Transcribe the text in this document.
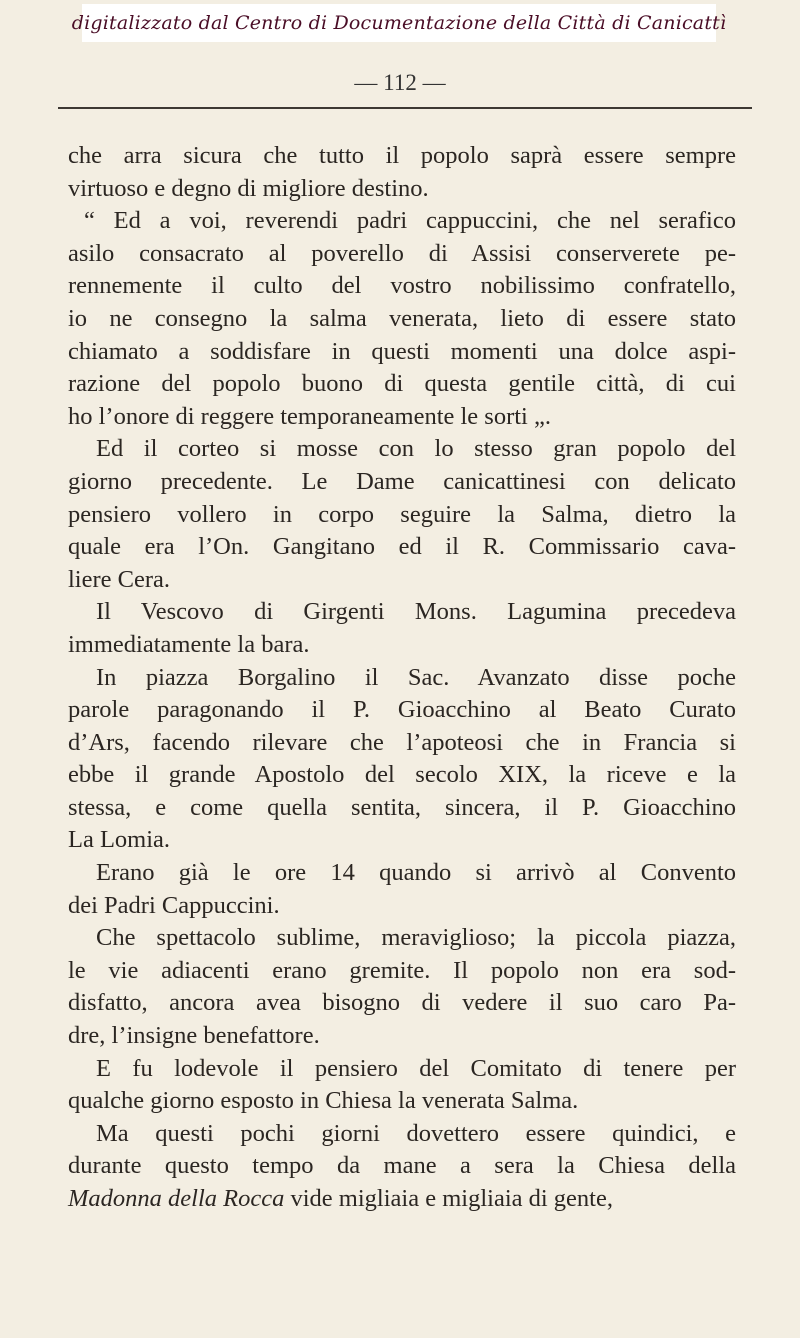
digitalizzato dal Centro di Documentazione della Città di Canicattì
— 112 —
che arra sicura che tutto il popolo saprà essere sempre
virtuoso e degno di migliore destino.
“ Ed a voi, reverendi padri cappuccini, che nel serafico
asilo consacrato al poverello di Assisi conserverete pe-
rennemente il culto del vostro nobilissimo confratello,
io ne consegno la salma venerata, lieto di essere stato
chiamato a soddisfare in questi momenti una dolce aspi-
razione del popolo buono di questa gentile città, di cui
ho l’onore di reggere temporaneamente le sorti „.
Ed il corteo si mosse con lo stesso gran popolo del
giorno precedente. Le Dame canicattinesi con delicato
pensiero vollero in corpo seguire la Salma, dietro la
quale era l’On. Gangitano ed il R. Commissario cava-
liere Cera.
Il Vescovo di Girgenti Mons. Lagumina precedeva
immediatamente la bara.
In piazza Borgalino il Sac. Avanzato disse poche
parole paragonando il P. Gioacchino al Beato Curato
d’Ars, facendo rilevare che l’apoteosi che in Francia si
ebbe il grande Apostolo del secolo XIX, la riceve e la
stessa, e come quella sentita, sincera, il P. Gioacchino
La Lomia.
Erano già le ore 14 quando si arrivò al Convento
dei Padri Cappuccini.
Che spettacolo sublime, meraviglioso; la piccola piazza,
le vie adiacenti erano gremite. Il popolo non era sod-
disfatto, ancora avea bisogno di vedere il suo caro Pa-
dre, l’insigne benefattore.
E fu lodevole il pensiero del Comitato di tenere per
qualche giorno esposto in Chiesa la venerata Salma.
Ma questi pochi giorni dovettero essere quindici, e
durante questo tempo da mane a sera la Chiesa della
Madonna della Rocca vide migliaia e migliaia di gente,
